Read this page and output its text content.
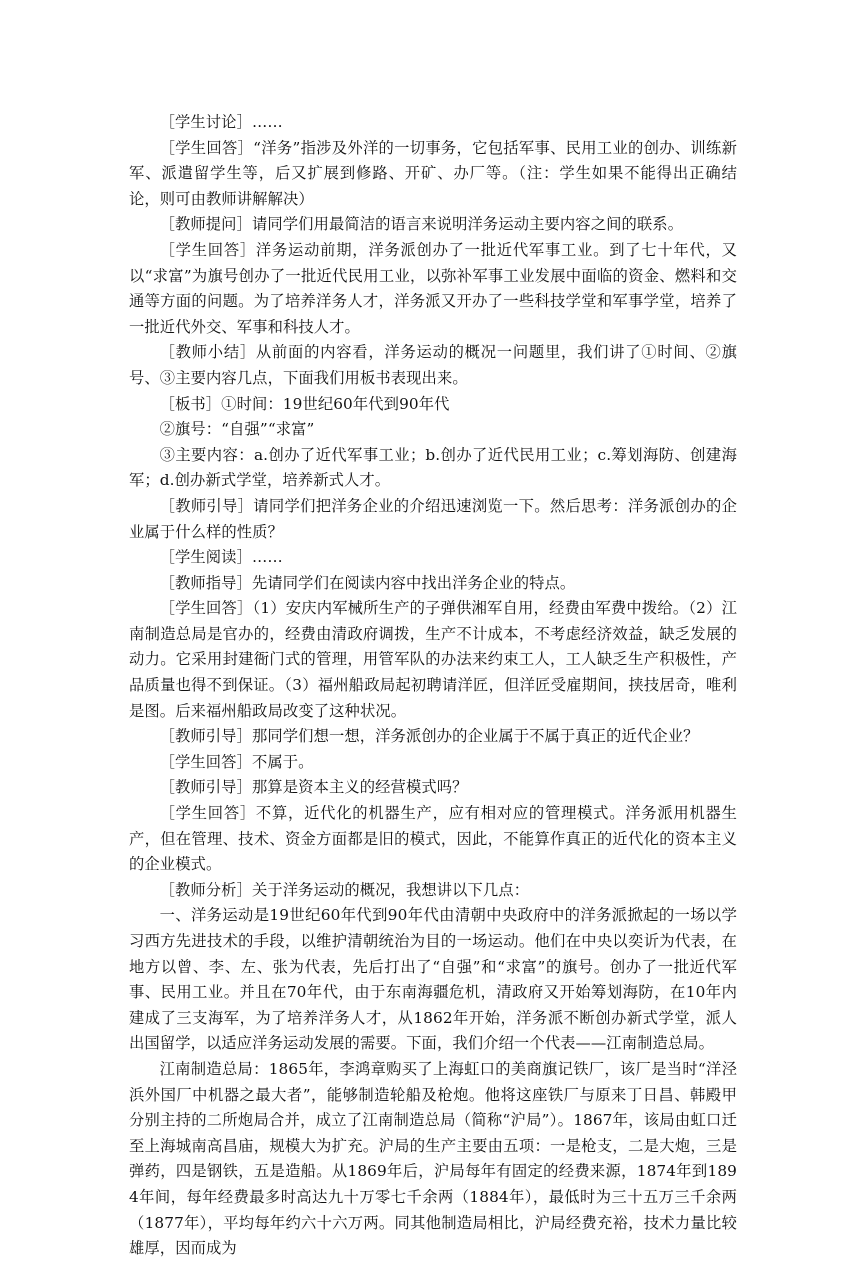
［学生讨论］……

［学生回答］“洋务”指涉及外洋的一切事务，它包括军事、民用工业的创办、训练新军、派遣留学生等，后又扩展到修路、开矿、办厂等。（注：学生如果不能得出正确结论，则可由教师讲解解决）

［教师提问］请同学们用最简洁的语言来说明洋务运动主要内容之间的联系。

［学生回答］洋务运动前期，洋务派创办了一批近代军事工业。到了七十年代，又以“求富”为旗号创办了一批近代民用工业，以弥补军事工业发展中面临的资金、燃料和交通等方面的问题。为了培养洋务人才，洋务派又开办了一些科技学堂和军事学堂，培养了一批近代外交、军事和科技人才。

［教师小结］从前面的内容看，洋务运动的概况一问题里，我们讲了①时间、②旗号、③主要内容几点，下面我们用板书表现出来。

［板书］①时间：19世纪60年代到90年代

②旗号：“自强”“求富”

③主要内容：a.创办了近代军事工业；b.创办了近代民用工业；c.筹划海防、创建海军；d.创办新式学堂，培养新式人才。

［教师引导］请同学们把洋务企业的介绍迅速浏览一下。然后思考：洋务派创办的企业属于什么样的性质？

［学生阅读］……

［教师指导］先请同学们在阅读内容中找出洋务企业的特点。

［学生回答］（1）安庆内军械所生产的子弹供湘军自用，经费由军费中拨给。（2）江南制造总局是官办的，经费由清政府调拨，生产不计成本，不考虑经济效益，缺乏发展的动力。它采用封建衙门式的管理，用管军队的办法来约束工人，工人缺乏生产积极性，产品质量也得不到保证。（3）福州船政局起初聘请洋匠，但洋匠受雇期间，挟技居奇，唯利是图。后来福州船政局改变了这种状况。

［教师引导］那同学们想一想，洋务派创办的企业属于不属于真正的近代企业？

［学生回答］不属于。

［教师引导］那算是资本主义的经营模式吗？

［学生回答］不算，近代化的机器生产，应有相对应的管理模式。洋务派用机器生产，但在管理、技术、资金方面都是旧的模式，因此，不能算作真正的近代化的资本主义的企业模式。

［教师分析］关于洋务运动的概况，我想讲以下几点：

一、洋务运动是19世纪60年代到90年代由清朝中央政府中的洋务派掀起的一场以学习西方先进技术的手段，以维护清朝统治为目的一场运动。他们在中央以奕䜣为代表，在地方以曾、李、左、张为代表，先后打出了“自强”和“求富”的旗号。创办了一批近代军事、民用工业。并且在70年代，由于东南海疆危机，清政府又开始筹划海防，在10年内建成了三支海军，为了培养洋务人才，从1862年开始，洋务派不断创办新式学堂，派人出国留学，以适应洋务运动发展的需要。下面，我们介绍一个代表——江南制造总局。

江南制造总局：1865年，李鸿章购买了上海虹口的美商旗记铁厂，该厂是当时“洋泾浜外国厂中机器之最大者”，能够制造轮船及枪炮。他将这座铁厂与原来丁日昌、韩殿甲分别主持的二所炮局合并，成立了江南制造总局（简称“沪局”）。1867年，该局由虹口迁至上海城南高昌庙，规模大为扩充。沪局的生产主要由五项：一是枪支，二是大炮，三是弹药，四是钢铁，五是造船。从1869年后，沪局每年有固定的经费来源，1874年到1894年间，每年经费最多时高达九十万零七千余两（1884年），最低时为三十五万三千余两（1877年），平均每年约六十六万两。同其他制造局相比，沪局经费充裕，技术力量比较雄厚，因而成为
